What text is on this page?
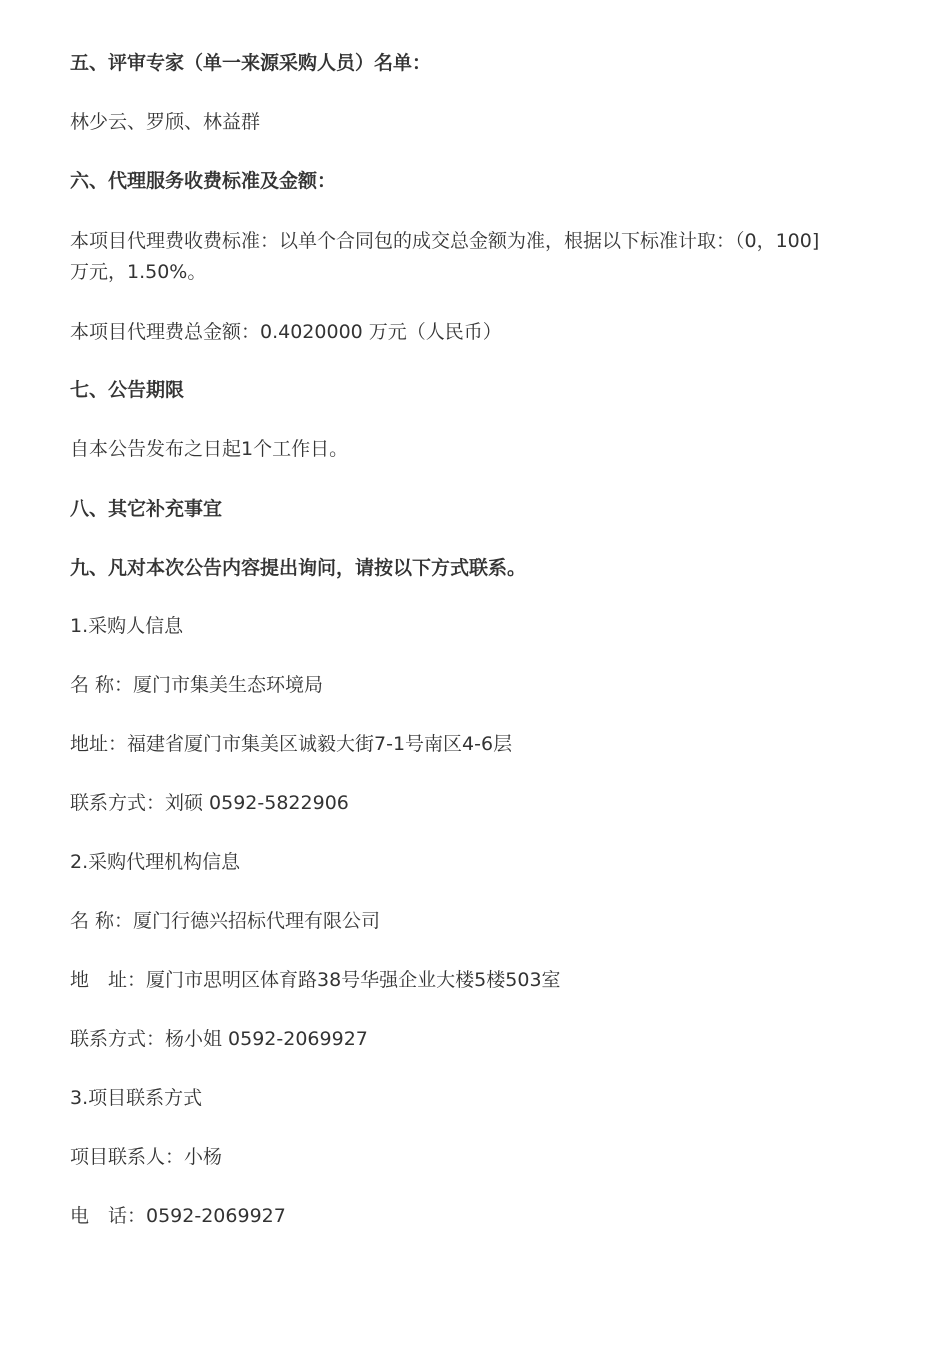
五、评审专家（单一来源采购人员）名单：
林少云、罗颀、林益群
六、代理服务收费标准及金额：
本项目代理费收费标准：以单个合同包的成交总金额为准，根据以下标准计取：（0，100]
万元，1.50%。
本项目代理费总金额：0.4020000 万元（人民币）
七、公告期限
自本公告发布之日起1个工作日。
八、其它补充事宜
九、凡对本次公告内容提出询问，请按以下方式联系。
1.采购人信息
名 称：厦门市集美生态环境局
地址：福建省厦门市集美区诚毅大街7-1号南区4-6层
联系方式：刘硕 0592-5822906
2.采购代理机构信息
名 称：厦门行德兴招标代理有限公司
地　址：厦门市思明区体育路38号华强企业大楼5楼503室
联系方式：杨小姐 0592-2069927
3.项目联系方式
项目联系人：小杨
电　话：0592-2069927
